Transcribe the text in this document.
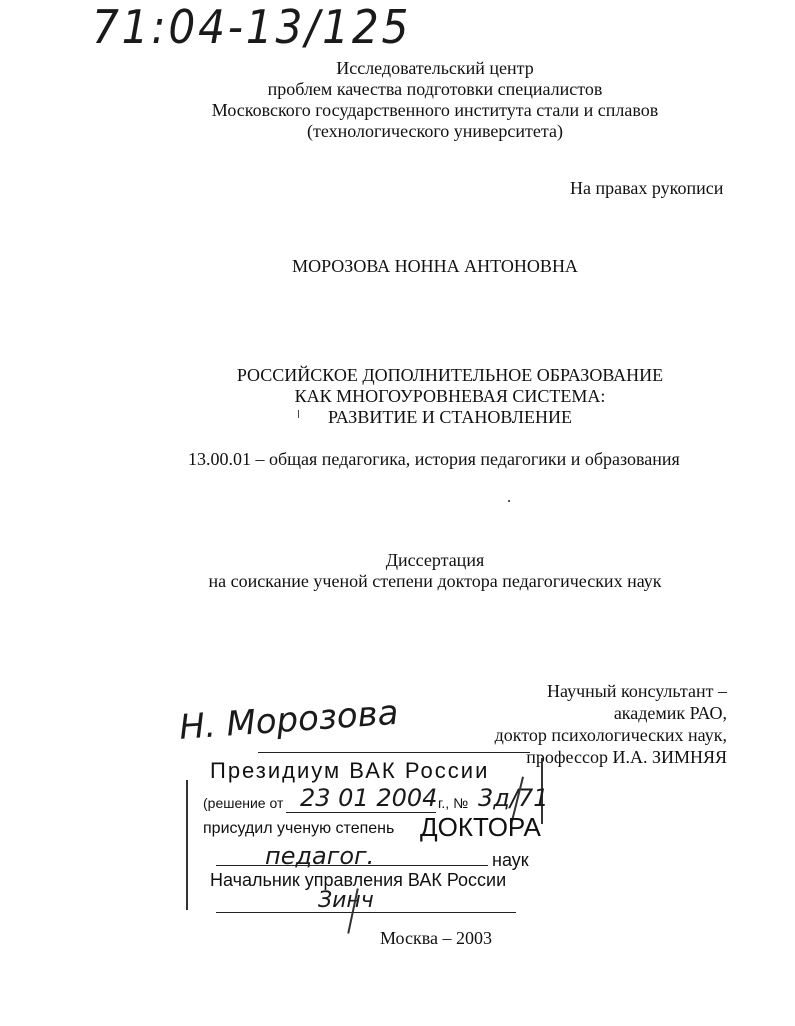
71:04-13/125
Исследовательский центр
проблем качества подготовки специалистов
Московского государственного института стали и сплавов
(технологического университета)
На правах рукописи
МОРОЗОВА НОННА АНТОНОВНА
РОССИЙСКОЕ ДОПОЛНИТЕЛЬНОЕ ОБРАЗОВАНИЕ
КАК МНОГОУРОВНЕВАЯ СИСТЕМА:
РАЗВИТИЕ И СТАНОВЛЕНИЕ
13.00.01 – общая педагогика, история педагогики и образования
Диссертация
на соискание ученой степени доктора педагогических наук
Научный консультант –
академик РАО,
доктор психологических наук,
профессор И.А. ЗИМНЯЯ
Н. Морозова
Президиум ВАК России
(решение от 23 01 2004 г., № 3д/71
присудил ученую степень ДОКТОРА
педагог.	наук
Начальник управления ВАК России
Зинч
Москва – 2003
